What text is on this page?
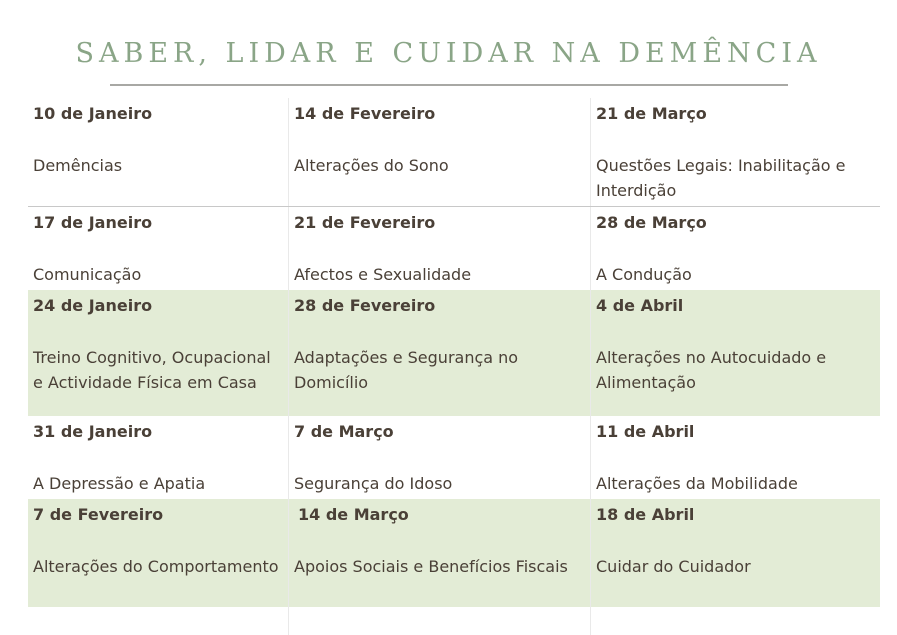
SABER, LIDAR E CUIDAR NA DEMÊNCIA

10 de Janeiro

Demências

14 de Fevereiro

Alterações do Sono

21 de Março

Questões Legais: Inabilitação e Interdição

17 de Janeiro

Comunicação

21 de Fevereiro

Afectos e Sexualidade

28 de Março

A Condução

24 de Janeiro

Treino Cognitivo, Ocupacional e Actividade Física em Casa

28 de Fevereiro

Adaptações e Segurança no Domicílio

4 de Abril

Alterações no Autocuidado e Alimentação

31 de Janeiro

A Depressão e Apatia

7 de Março

Segurança do Idoso

11 de Abril

Alterações da Mobilidade

7 de Fevereiro

Alterações do Comportamento

14 de Março

Apoios Sociais e Benefícios Fiscais

18 de Abril

Cuidar do Cuidador
